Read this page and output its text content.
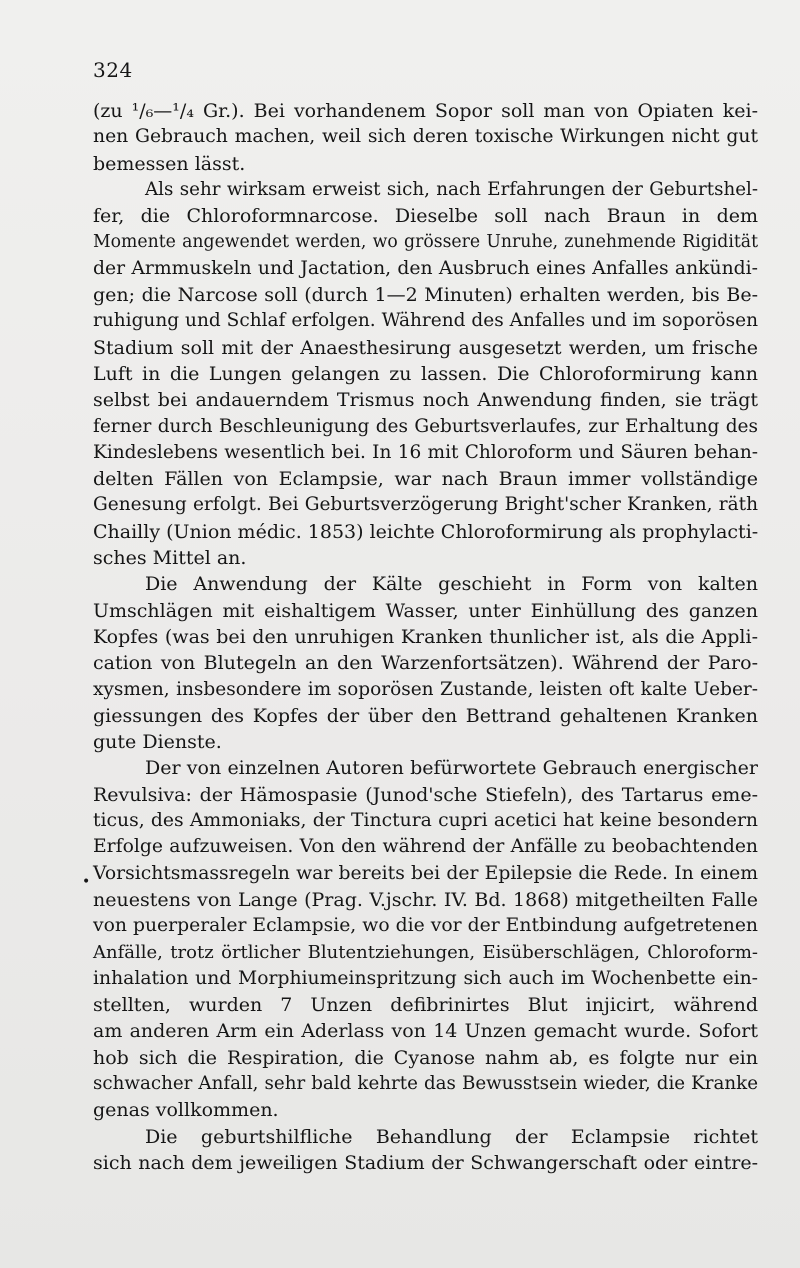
324
•
(zu ¹/₆—¹/₄ Gr.). Bei vorhandenem Sopor soll man von Opiaten kei-
nen Gebrauch machen, weil sich deren toxische Wirkungen nicht gut
bemessen lässt.
Als sehr wirksam erweist sich, nach Erfahrungen der Geburtshel-
fer, die Chloroformnarcose. Dieselbe soll nach Braun in dem
Momente angewendet werden, wo grössere Unruhe, zunehmende Rigidität
der Armmuskeln und Jactation, den Ausbruch eines Anfalles ankündi-
gen; die Narcose soll (durch 1—2 Minuten) erhalten werden, bis Be-
ruhigung und Schlaf erfolgen. Während des Anfalles und im soporösen
Stadium soll mit der Anaesthesirung ausgesetzt werden, um frische
Luft in die Lungen gelangen zu lassen. Die Chloroformirung kann
selbst bei andauerndem Trismus noch Anwendung finden, sie trägt
ferner durch Beschleunigung des Geburtsverlaufes, zur Erhaltung des
Kindeslebens wesentlich bei. In 16 mit Chloroform und Säuren behan-
delten Fällen von Eclampsie, war nach Braun immer vollständige
Genesung erfolgt. Bei Geburtsverzögerung Bright'scher Kranken, räth
Chailly (Union médic. 1853) leichte Chloroformirung als prophylacti-
sches Mittel an.
Die Anwendung der Kälte geschieht in Form von kalten
Umschlägen mit eishaltigem Wasser, unter Einhüllung des ganzen
Kopfes (was bei den unruhigen Kranken thunlicher ist, als die Appli-
cation von Blutegeln an den Warzenfortsätzen). Während der Paro-
xysmen, insbesondere im soporösen Zustande, leisten oft kalte Ueber-
giessungen des Kopfes der über den Bettrand gehaltenen Kranken
gute Dienste.
Der von einzelnen Autoren befürwortete Gebrauch energischer
Revulsiva: der Hämospasie (Junod'sche Stiefeln), des Tartarus eme-
ticus, des Ammoniaks, der Tinctura cupri acetici hat keine besondern
Erfolge aufzuweisen. Von den während der Anfälle zu beobachtenden
Vorsichtsmassregeln war bereits bei der Epilepsie die Rede. In einem
neuestens von Lange (Prag. V.jschr. IV. Bd. 1868) mitgetheilten Falle
von puerperaler Eclampsie, wo die vor der Entbindung aufgetretenen
Anfälle, trotz örtlicher Blutentziehungen, Eisüberschlägen, Chloroform-
inhalation und Morphiumeinspritzung sich auch im Wochenbette ein-
stellten, wurden 7 Unzen defibrinirtes Blut injicirt, während
am anderen Arm ein Aderlass von 14 Unzen gemacht wurde. Sofort
hob sich die Respiration, die Cyanose nahm ab, es folgte nur ein
schwacher Anfall, sehr bald kehrte das Bewusstsein wieder, die Kranke
genas vollkommen.
Die geburtshilfliche Behandlung der Eclampsie richtet
sich nach dem jeweiligen Stadium der Schwangerschaft oder eintre-
